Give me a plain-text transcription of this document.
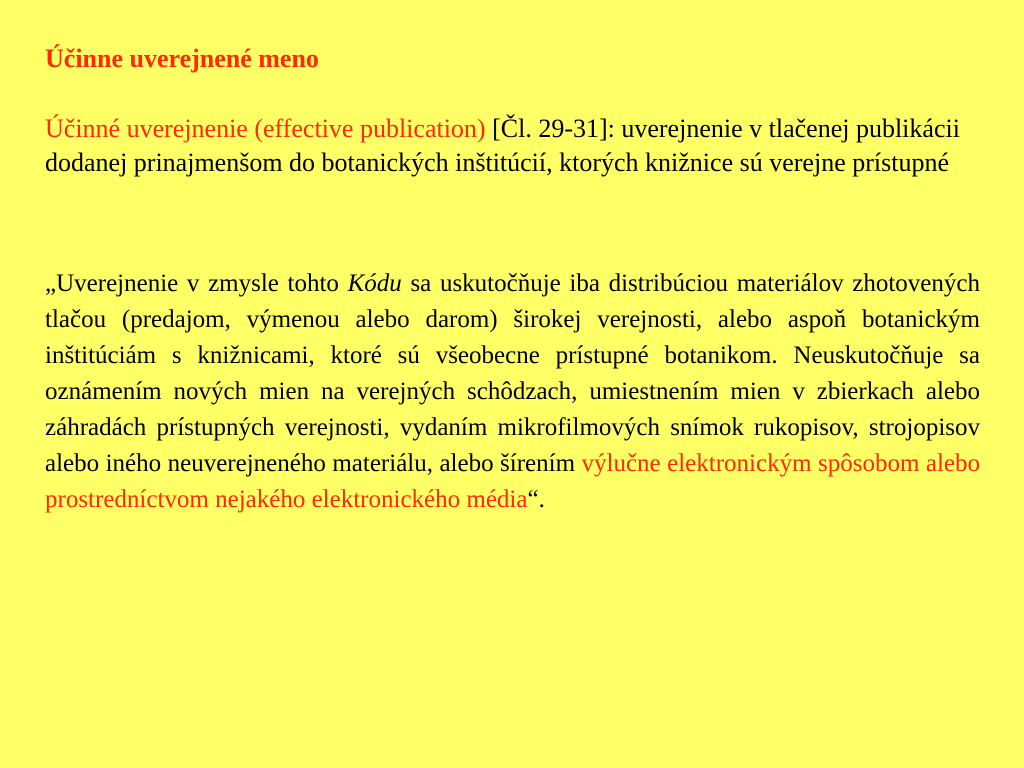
Účinne uverejnené meno
Účinné uverejnenie (effective publication) [Čl. 29-31]: uverejnenie v tlačenej publikácii dodanej prinajmenšom do botanických inštitúcií, ktorých knižnice sú verejne prístupné
„Uverejnenie v zmysle tohto Kódu sa uskutočňuje iba distribúciou materiálov zhotovených tlačou (predajom, výmenou alebo darom) širokej verejnosti, alebo aspoň botanickým inštitúciám s knižnicami, ktoré sú všeobecne prístupné botanikom. Neuskutočňuje sa oznámením nových mien na verejných schôdzach, umiestnením mien v zbierkach alebo záhradách prístupných verejnosti, vydaním mikrofilmových snímok rukopisov, strojopisov alebo iného neuverejneného materiálu, alebo šírením výlučne elektronickým spôsobom alebo prostredníctvom nejakého elektronického média“.
